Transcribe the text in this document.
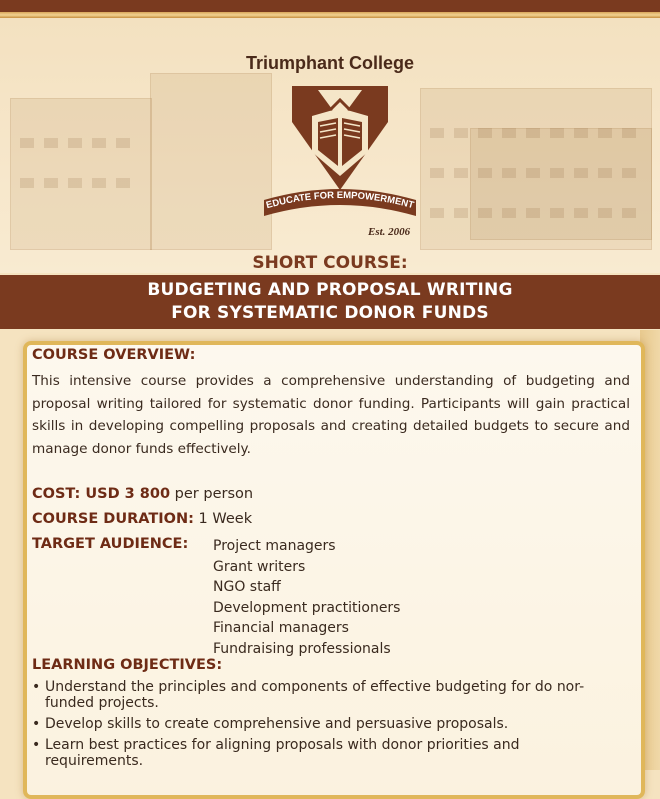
Triumphant College
EDUCATE FOR EMPOWERMENT
Est. 2006
SHORT COURSE:
BUDGETING AND PROPOSAL WRITING
FOR SYSTEMATIC DONOR FUNDS
COURSE OVERVIEW:
This intensive course provides a comprehensive understanding of budgeting and proposal writing tailored for systematic donor funding. Participants will gain practical skills in developing compelling proposals and creating detailed budgets to secure and manage donor funds effectively.
COST: USD 3 800 per person
COURSE DURATION: 1 Week
TARGET AUDIENCE: Project managers
Grant writers
NGO staff
Development practitioners
Financial managers
Fundraising professionals
LEARNING OBJECTIVES:
• Understand the principles and components of effective budgeting for do nor-funded projects.
• Develop skills to create comprehensive and persuasive proposals.
• Learn best practices for aligning proposals with donor priorities and requirements.
